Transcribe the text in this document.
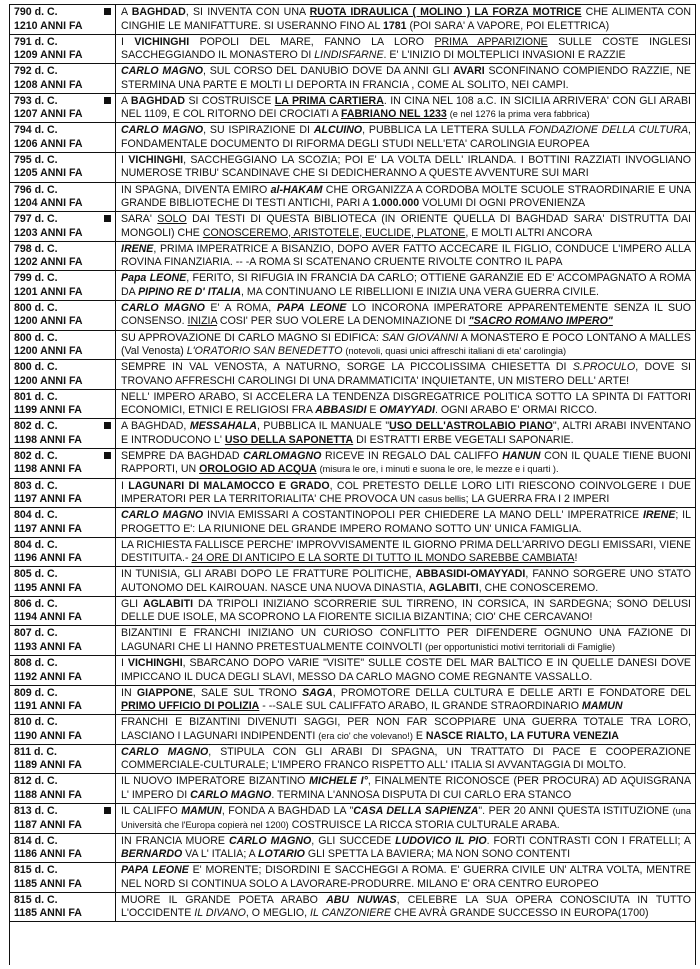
790 d. C.
1210 ANNI FA
A BAGHDAD, SI INVENTA CON UNA RUOTA IDRAULICA ( MOLINO ) LA FORZA MOTRICE CHE ALIMENTA CON CINGHIE LE MANIFATTURE. SI USERANNO FINO AL 1781 (POI SARA' A VAPORE, POI ELETTRICA)
791 d. C.
1209 ANNI FA
I VICHINGHI POPOLI DEL MARE, FANNO LA LORO PRIMA APPARIZIONE SULLE COSTE INGLESI SACCHEGGIANDO IL MONASTERO DI LINDISFARNE. E' L'INIZIO DI MOLTEPLICI INVASIONI E RAZZIE
792 d. C.
1208 ANNI FA
CARLO MAGNO, SUL CORSO DEL DANUBIO DOVE DA ANNI GLI AVARI SCONFINANO COMPIENDO RAZZIE, NE STERMINA UNA PARTE E MOLTI LI DEPORTA IN FRANCIA , COME AL SOLITO, NEI CAMPI.
793 d. C.
1207 ANNI FA
A BAGHDAD SI COSTRUISCE LA PRIMA CARTIERA. IN CINA NEL 108 a.C. IN SICILIA ARRIVERA' CON GLI ARABI NEL 1109, E COL RITORNO DEI CROCIATI A FABRIANO NEL 1233 (e nel 1276 la prima vera fabbrica)
794 d. C.
1206 ANNI FA
CARLO MAGNO, SU ISPIRAZIONE DI ALCUINO, PUBBLICA LA LETTERA SULLA FONDAZIONE DELLA CULTURA, FONDAMENTALE DOCUMENTO DI RIFORMA DEGLI STUDI NELL'ETA' CAROLINGIA EUROPEA
795 d. C.
1205 ANNI FA
I VICHINGHI, SACCHEGGIANO LA SCOZIA; POI E' LA VOLTA DELL' IRLANDA. I BOTTINI RAZZIATI INVOGLIANO NUMEROSE TRIBU' SCANDINAVE CHE SI DEDICHERANNO A QUESTE AVVENTURE SUI MARI
796 d. C.
1204 ANNI FA
IN SPAGNA, DIVENTA EMIRO al-HAKAM CHE ORGANIZZA A CORDOBA MOLTE SCUOLE STRAORDINARIE E UNA GRANDE BIBLIOTECHE DI TESTI ANTICHI, PARI A 1.000.000 VOLUMI DI OGNI PROVENIENZA
797 d. C.
1203 ANNI FA
SARA' SOLO DAI TESTI DI QUESTA BIBLIOTECA (IN ORIENTE QUELLA DI BAGHDAD SARA' DISTRUTTA DAI MONGOLI) CHE CONOSCEREMO, ARISTOTELE, EUCLIDE, PLATONE, E MOLTI ALTRI ANCORA
798 d. C.
1202 ANNI FA
IRENE, PRIMA IMPERATRICE A BISANZIO, DOPO AVER FATTO ACCECARE IL FIGLIO, CONDUCE L'IMPERO ALLA ROVINA FINANZIARIA. -- -A ROMA SI SCATENANO CRUENTE RIVOLTE CONTRO IL PAPA
799 d. C.
1201 ANNI FA
Papa LEONE, FERITO, SI RIFUGIA IN FRANCIA DA CARLO; OTTIENE GARANZIE ED E' ACCOMPAGNATO A ROMA DA PIPINO RE D' ITALIA, MA CONTINUANO LE RIBELLIONI E INIZIA UNA VERA GUERRA CIVILE.
800 d. C.
1200 ANNI FA
CARLO MAGNO E' A ROMA, PAPA LEONE LO INCORONA IMPERATORE APPARENTEMENTE SENZA IL SUO CONSENSO. INIZIA COSI' PER SUO VOLERE LA DENOMINAZIONE DI "SACRO ROMANO IMPERO"
800 d. C.
1200 ANNI FA
SU APPROVAZIONE DI CARLO MAGNO SI EDIFICA: SAN GIOVANNI A MONASTERO E POCO LONTANO A MALLES (Val Venosta) L'ORATORIO SAN BENEDETTO (notevoli, quasi unici affreschi italiani di eta' carolingia)
800 d. C.
1200 ANNI FA
SEMPRE IN VAL VENOSTA, A NATURNO, SORGE LA PICCOLISSIMA CHIESETTA DI S.PROCULO, DOVE SI TROVANO AFFRESCHI CAROLINGI DI UNA DRAMMATICITA' INQUIETANTE, UN MISTERO DELL' ARTE!
801 d. C.
1199 ANNI FA
NELL' IMPERO ARABO, SI ACCELERA LA TENDENZA DISGREGATRICE POLITICA SOTTO LA SPINTA DI FATTORI ECONOMICI, ETNICI E RELIGIOSI FRA ABBASIDI E OMAYYADI. OGNI ARABO E' ORMAI RICCO.
802 d. C.
1198 ANNI FA
A BAGHDAD, MESSAHALA, PUBBLICA IL MANUALE "USO DELL'ASTROLABIO PIANO", ALTRI ARABI INVENTANO E INTRODUCONO L' USO DELLA SAPONETTA DI ESTRATTI ERBE VEGETALI SAPONARIE.
802 d. C.
1198 ANNI FA
SEMPRE DA BAGHDAD CARLOMAGNO RICEVE IN REGALO DAL CALIFFO HANUN CON IL QUALE TIENE BUONI RAPPORTI, UN OROLOGIO AD ACQUA (misura le ore, i minuti e suona le ore, le mezze e i quarti ).
803 d. C.
1197 ANNI FA
I LAGUNARI DI MALAMOCCO E GRADO, COL PRETESTO DELLE LORO LITI RIESCONO COINVOLGERE I DUE IMPERATORI PER LA TERRITORIALITA' CHE PROVOCA UN casus bellis; LA GUERRA FRA I 2 IMPERI
804 d. C.
1197 ANNI FA
CARLO MAGNO INVIA EMISSARI A COSTANTINOPOLI PER CHIEDERE LA MANO DELL' IMPERATRICE IRENE; IL PROGETTO E': LA RIUNIONE DEL GRANDE IMPERO ROMANO SOTTO UN' UNICA FAMIGLIA.
804 d. C.
1196 ANNI FA
LA RICHIESTA FALLISCE PERCHE' IMPROVVISAMENTE IL GIORNO PRIMA DELL'ARRIVO DEGLI EMISSARI, VIENE DESTITUITA.- 24 ORE DI ANTICIPO E LA SORTE DI TUTTO IL MONDO SAREBBE CAMBIATA!
805 d. C.
1195 ANNI FA
IN TUNISIA, GLI ARABI DOPO LE FRATTURE POLITICHE, ABBASIDI-OMAYYADI, FANNO SORGERE UNO STATO AUTONOMO DEL KAIROUAN. NASCE UNA NUOVA DINASTIA, AGLABITI, CHE CONOSCEREMO.
806 d. C.
1194 ANNI FA
GLI AGLABITI DA TRIPOLI INIZIANO SCORRERIE SUL TIRRENO, IN CORSICA, IN SARDEGNA; SONO DELUSI DELLE DUE ISOLE, MA SCOPRONO LA FIORENTE SICILIA BIZANTINA; CIO' CHE CERCAVANO!
807 d. C.
1193 ANNI FA
BIZANTINI E FRANCHI INIZIANO UN CURIOSO CONFLITTO PER DIFENDERE OGNUNO UNA FAZIONE DI LAGUNARI CHE LI HANNO PRETESTUALMENTE COINVOLTI (per opportunistici motivi territoriali di Famiglie)
808 d. C.
1192 ANNI FA
I VICHINGHI, SBARCANO DOPO VARIE "VISITE" SULLE COSTE DEL MAR BALTICO E IN QUELLE DANESI DOVE IMPICCANO IL DUCA DEGLI SLAVI, MESSO DA CARLO MAGNO COME REGNANTE VASSALLO.
809 d. C.
1191 ANNI FA
IN GIAPPONE, SALE SUL TRONO SAGA, PROMOTORE DELLA CULTURA E DELLE ARTI E FONDATORE DEL PRIMO UFFICIO DI POLIZIA - --SALE SUL CALIFFATO ARABO, IL GRANDE STRAORDINARIO MAMUN
810 d. C.
1190 ANNI FA
FRANCHI E BIZANTINI DIVENUTI SAGGI, PER NON FAR SCOPPIARE UNA GUERRA TOTALE TRA LORO, LASCIANO I LAGUNARI INDIPENDENTI (era cio' che volevano!) E NASCE RIALTO, LA FUTURA VENEZIA
811 d. C.
1189 ANNI FA
CARLO MAGNO, STIPULA CON GLI ARABI DI SPAGNA, UN TRATTATO DI PACE E COOPERAZIONE COMMERCIALE-CULTURALE; L'IMPERO FRANCO RISPETTO ALL' ITALIA SI AVVANTAGGIA DI MOLTO.
812 d. C.
1188 ANNI FA
IL NUOVO IMPERATORE BIZANTINO MICHELE I°, FINALMENTE RICONOSCE (PER PROCURA) AD AQUISGRANA L' IMPERO DI CARLO MAGNO. TERMINA L'ANNOSA DISPUTA DI CUI CARLO ERA STANCO
813 d. C.
1187 ANNI FA
IL CALIFFO MAMUN, FONDA A BAGHDAD LA "CASA DELLA SAPIENZA". PER 20 ANNI QUESTA ISTITUZIONE (una Università che l'Europa copierà nel 1200) COSTRUISCE LA RICCA STORIA CULTURALE ARABA.
814 d. C.
1186 ANNI FA
IN FRANCIA MUORE CARLO MAGNO, GLI SUCCEDE LUDOVICO IL PIO. FORTI CONTRASTI CON I FRATELLI; A BERNARDO VA L' ITALIA; A LOTARIO GLI SPETTA LA BAVIERA; MA NON SONO CONTENTI
815 d. C.
1185 ANNI FA
PAPA LEONE E' MORENTE; DISORDINI E SACCHEGGI A ROMA. E' GUERRA CIVILE UN' ALTRA VOLTA, MENTRE NEL NORD SI CONTINUA SOLO A LAVORARE-PRODURRE. MILANO E' ORA CENTRO EUROPEO
815 d. C.
1185 ANNI FA
MUORE IL GRANDE POETA ARABO ABU NUWAS, CELEBRE LA SUA OPERA CONOSCIUTA IN TUTTO L'OCCIDENTE IL DIVANO, O MEGLIO, IL CANZONIERE CHE AVRÀ GRANDE SUCCESSO IN EUROPA(1700)
